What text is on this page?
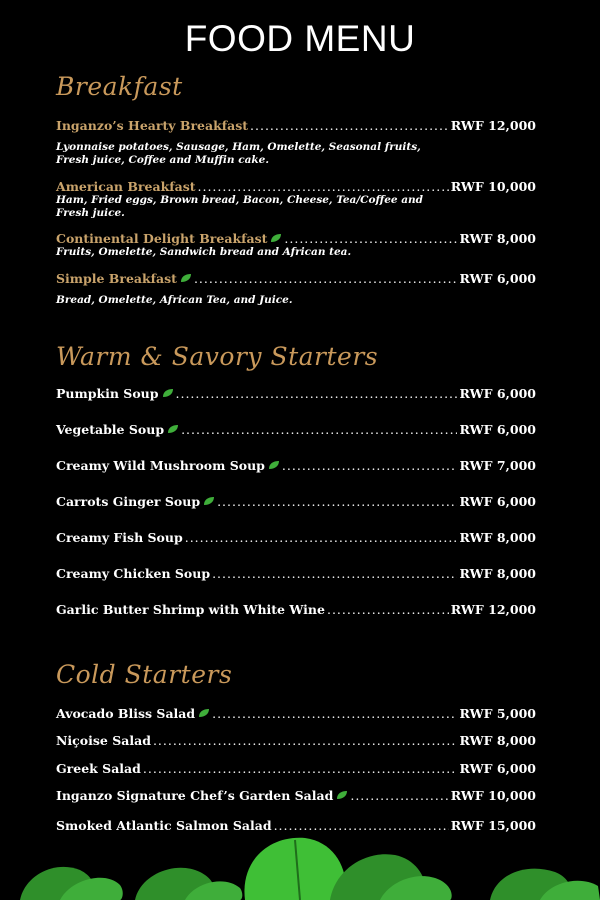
FOOD MENU
Breakfast
Inganzo’s Hearty Breakfast .....	RWF 12,000
Lyonnaise potatoes, Sausage, Ham, Omelette, Seasonal fruits, Fresh juice, Coffee and Muffin cake.
American Breakfast .....	RWF 10,000
Ham, Fried eggs, Brown bread, Bacon, Cheese, Tea/Coffee and Fresh juice.
Continental Delight Breakfast .....	RWF 8,000
Fruits, Omelette, Sandwich bread and African tea.
Simple Breakfast .....	RWF 6,000
Bread, Omelette, African Tea, and Juice.
Warm & Savory Starters
Pumpkin Soup .....	RWF 6,000
Vegetable Soup .....	RWF 6,000
Creamy Wild Mushroom Soup .....	RWF 7,000
Carrots Ginger Soup .....	RWF 6,000
Creamy Fish Soup .....	RWF 8,000
Creamy Chicken Soup .....	RWF 8,000
Garlic Butter Shrimp with White Wine .....	RWF 12,000
Cold Starters
Avocado Bliss Salad .....	RWF 5,000
Niçoise Salad .....	RWF 8,000
Greek Salad .....	RWF 6,000
Inganzo Signature Chef’s Garden Salad .....	RWF 10,000
Smoked Atlantic Salmon Salad .....	RWF 15,000
